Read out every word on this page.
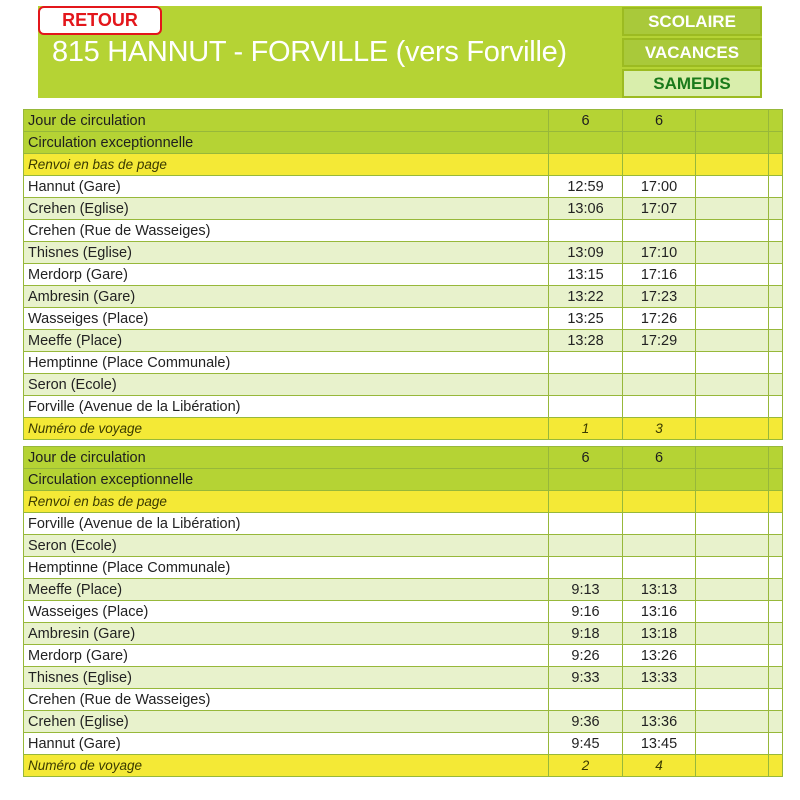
RETOUR
815 HANNUT - FORVILLE (vers Forville)
SCOLAIRE
VACANCES
SAMEDIS
Jour de circulation	6	6		
Circulation exceptionnelle				
Renvoi en bas de page				
Hannut (Gare)	12:59	17:00		
Crehen (Eglise)	13:06	17:07		
Crehen (Rue de Wasseiges)				
Thisnes (Eglise)	13:09	17:10		
Merdorp (Gare)	13:15	17:16		
Ambresin (Gare)	13:22	17:23		
Wasseiges (Place)	13:25	17:26		
Meeffe (Place)	13:28	17:29		
Hemptinne (Place Communale)				
Seron (Ecole)				
Forville (Avenue de la Libération)				
Numéro de voyage	1	3		
Jour de circulation	6	6		
Circulation exceptionnelle				
Renvoi en bas de page				
Forville (Avenue de la Libération)				
Seron (Ecole)				
Hemptinne (Place Communale)				
Meeffe (Place)	9:13	13:13		
Wasseiges (Place)	9:16	13:16		
Ambresin (Gare)	9:18	13:18		
Merdorp (Gare)	9:26	13:26		
Thisnes (Eglise)	9:33	13:33		
Crehen (Rue de Wasseiges)				
Crehen (Eglise)	9:36	13:36		
Hannut (Gare)	9:45	13:45		
Numéro de voyage	2	4		
